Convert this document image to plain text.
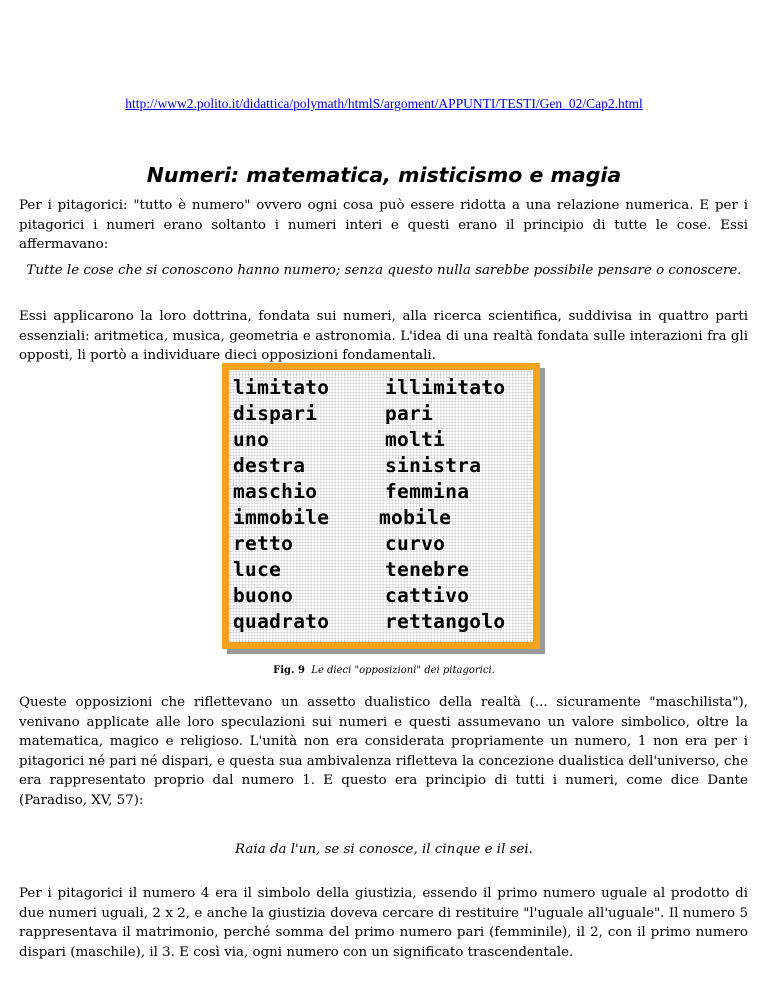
http://www2.polito.it/didattica/polymath/htmlS/argoment/APPUNTI/TESTI/Gen_02/Cap2.html
Numeri: matematica, misticismo e magia
Per i pitagorici: "tutto è numero" ovvero ogni cosa può essere ridotta a una relazione numerica. E per i pitagorici i numeri erano soltanto i numeri interi e questi erano il principio di tutte le cose. Essi affermavano:
Tutte le cose che si conoscono hanno numero; senza questo nulla sarebbe possibile pensare o conoscere.
Essi applicarono la loro dottrina, fondata sui numeri, alla ricerca scientifica, suddivisa in quattro parti essenziali: aritmetica, musica, geometria e astronomia. L'idea di una realtà fondata sulle interazioni fra gli opposti, li portò a individuare dieci opposizioni fondamentali.
limitato
dispari
uno
destra
maschio
immobile
retto
luce
buono
quadrato
illimitato
pari
molti
sinistra
femmina
mobile
curvo
tenebre
cattivo
rettangolo
Fig. 9 Le dieci "opposizioni" dei pitagorici.
Queste opposizioni che riflettevano un assetto dualistico della realtà (... sicuramente "maschilista"), venivano applicate alle loro speculazioni sui numeri e questi assumevano un valore simbolico, oltre la matematica, magico e religioso. L'unità non era considerata propriamente un numero, 1 non era per i pitagorici né pari né dispari, e questa sua ambivalenza rifletteva la concezione dualistica dell'universo, che era rappresentato proprio dal numero 1. E questo era principio di tutti i numeri, come dice Dante (Paradiso, XV, 57):
Raia da l'un, se si conosce, il cinque e il sei.
Per i pitagorici il numero 4 era il simbolo della giustizia, essendo il primo numero uguale al prodotto di due numeri uguali, 2 x 2, e anche la giustizia doveva cercare di restituire "l'uguale all'uguale". Il numero 5 rappresentava il matrimonio, perché somma del primo numero pari (femminile), il 2, con il primo numero dispari (maschile), il 3. E così via, ogni numero con un significato trascendentale.
